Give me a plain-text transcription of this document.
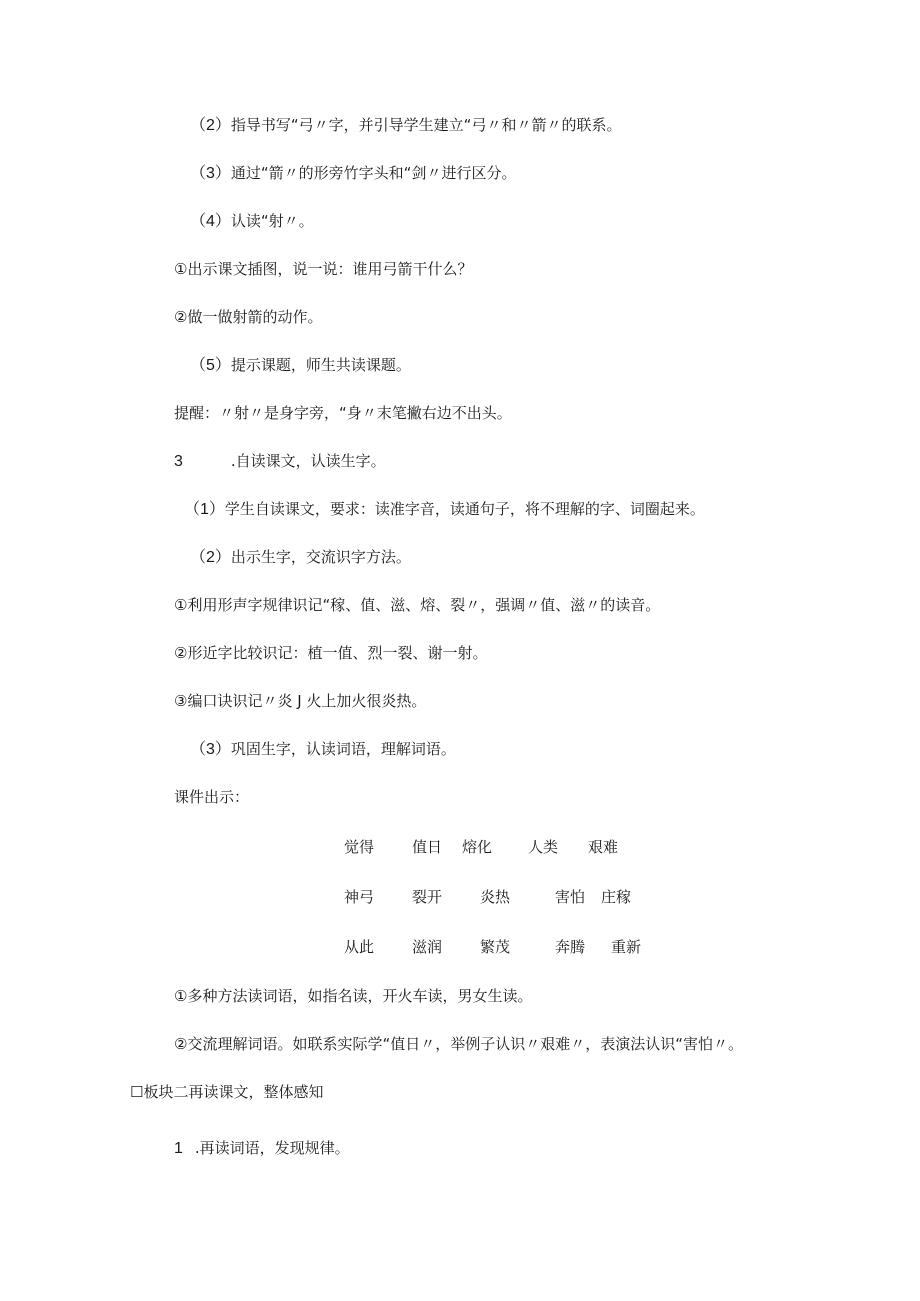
（2）指导书写“弓〃字，并引导学生建立“弓〃和〃箭〃的联系。
（3）通过“箭〃的形旁竹字头和“剑〃进行区分。
（4）认读“射〃。
①出示课文插图，说一说：谁用弓箭干什么？
②做一做射箭的动作。
（5）提示课题，师生共读课题。
提醒：〃射〃是身字旁，“身〃末笔撇右边不出头。
3	.自读课文，认读生字。
（1）学生自读课文，要求：读准字音，读通句子，将不理解的字、词圈起来。
（2）出示生字，交流识字方法。
①利用形声字规律识记“稼、值、滋、熔、裂〃，强调〃值、滋〃的读音。
②形近字比较识记：植一值、烈一裂、谢一射。
③编口诀识记〃炎 J 火上加火很炎热。
（3）巩固生字，认读词语，理解词语。
课件出示：
觉得	值日 熔化 人类 艰难
神弓	裂开	炎热	害怕 庄稼
从此	滋润	繁茂	奔腾 重新
①多种方法读词语，如指名读，开火车读，男女生读。
②交流理解词语。如联系实际学“值日〃，举例子认识〃艰难〃，表演法认识“害怕〃。
☐板块二再读课文，整体感知
1 .再读词语，发现规律。
